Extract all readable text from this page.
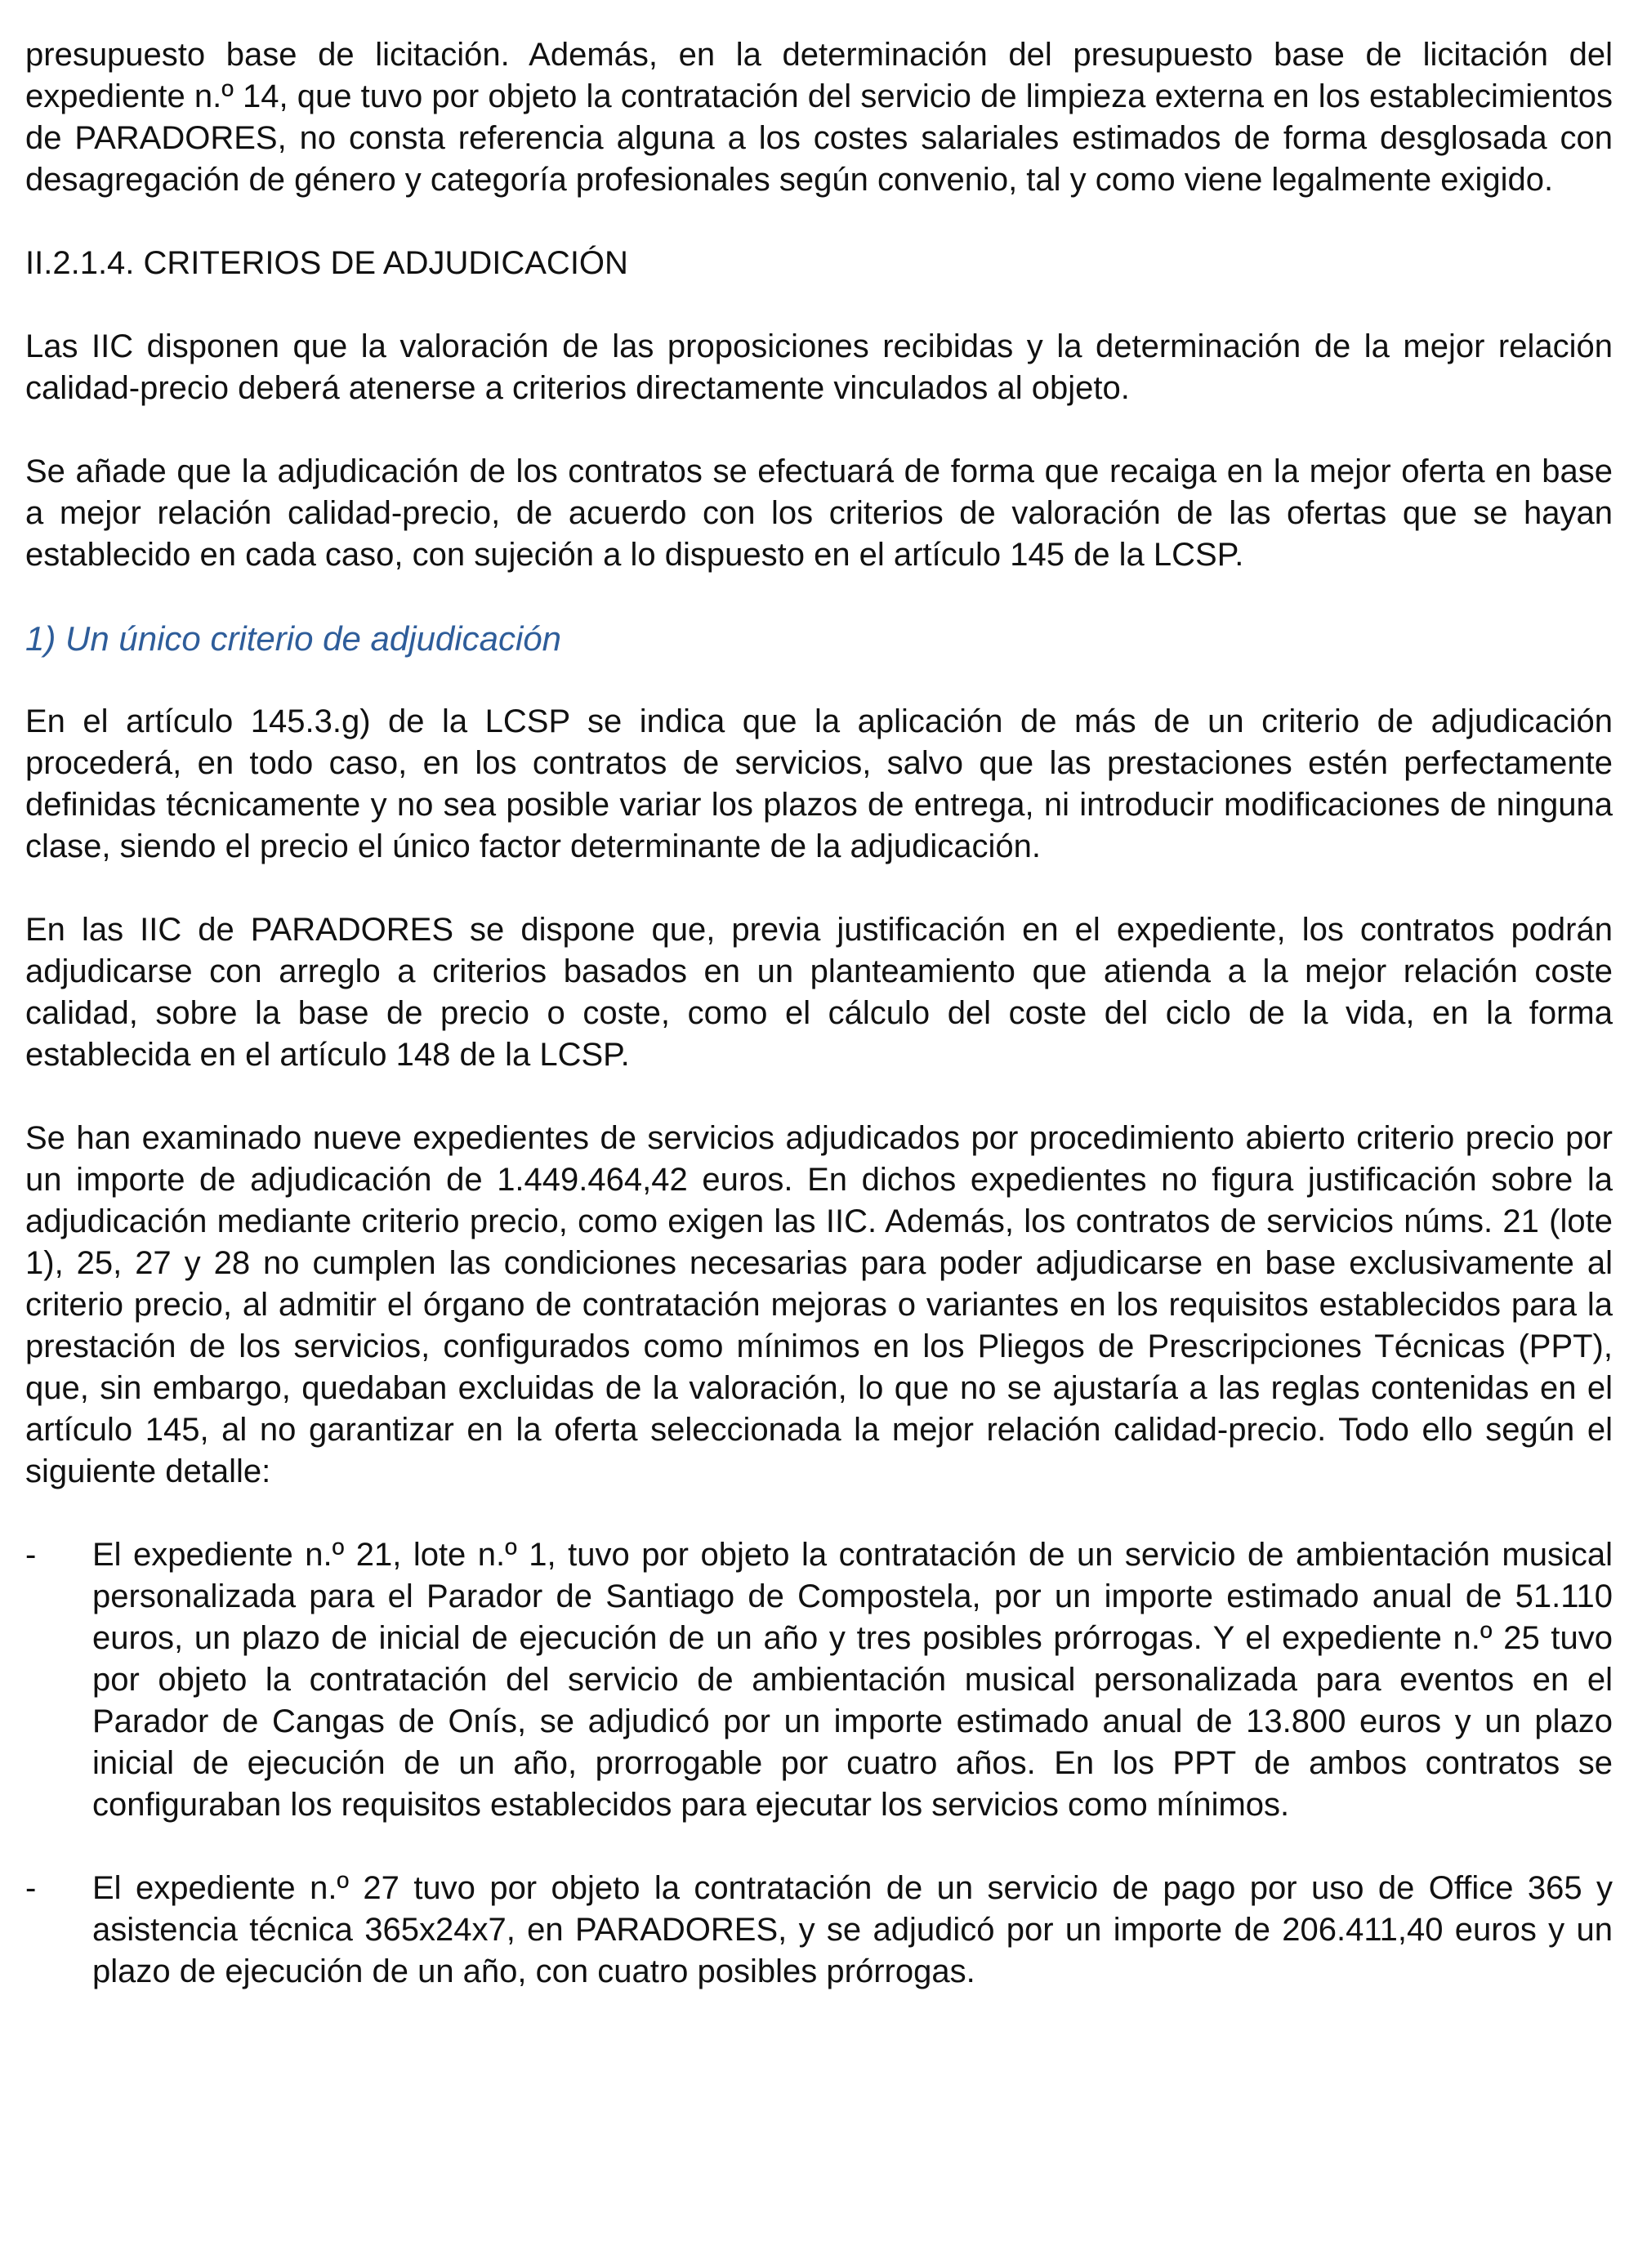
presupuesto base de licitación. Además, en la determinación del presupuesto base de licitación del expediente n.º 14, que tuvo por objeto la contratación del servicio de limpieza externa en los establecimientos de PARADORES, no consta referencia alguna a los costes salariales estimados de forma desglosada con desagregación de género y categoría profesionales según convenio, tal y como viene legalmente exigido.

II.2.1.4. CRITERIOS DE ADJUDICACIÓN

Las IIC disponen que la valoración de las proposiciones recibidas y la determinación de la mejor relación calidad-precio deberá atenerse a criterios directamente vinculados al objeto.

Se añade que la adjudicación de los contratos se efectuará de forma que recaiga en la mejor oferta en base a mejor relación calidad-precio, de acuerdo con los criterios de valoración de las ofertas que se hayan establecido en cada caso, con sujeción a lo dispuesto en el artículo 145 de la LCSP.

1) Un único criterio de adjudicación

En el artículo 145.3.g) de la LCSP se indica que la aplicación de más de un criterio de adjudicación procederá, en todo caso, en los contratos de servicios, salvo que las prestaciones estén perfectamente definidas técnicamente y no sea posible variar los plazos de entrega, ni introducir modificaciones de ninguna clase, siendo el precio el único factor determinante de la adjudicación.

En las IIC de PARADORES se dispone que, previa justificación en el expediente, los contratos podrán adjudicarse con arreglo a criterios basados en un planteamiento que atienda a la mejor relación coste calidad, sobre la base de precio o coste, como el cálculo del coste del ciclo de la vida, en la forma establecida en el artículo 148 de la LCSP.

Se han examinado nueve expedientes de servicios adjudicados por procedimiento abierto criterio precio por un importe de adjudicación de 1.449.464,42 euros. En dichos expedientes no figura justificación sobre la adjudicación mediante criterio precio, como exigen las IIC. Además, los contratos de servicios núms. 21 (lote 1), 25, 27 y 28 no cumplen las condiciones necesarias para poder adjudicarse en base exclusivamente al criterio precio, al admitir el órgano de contratación mejoras o variantes en los requisitos establecidos para la prestación de los servicios, configurados como mínimos en los Pliegos de Prescripciones Técnicas (PPT), que, sin embargo, quedaban excluidas de la valoración, lo que no se ajustaría a las reglas contenidas en el artículo 145, al no garantizar en la oferta seleccionada la mejor relación calidad-precio. Todo ello según el siguiente detalle:

-	El expediente n.º 21, lote n.º 1, tuvo por objeto la contratación de un servicio de ambientación musical personalizada para el Parador de Santiago de Compostela, por un importe estimado anual de 51.110 euros, un plazo de inicial de ejecución de un año y tres posibles prórrogas. Y el expediente n.º 25 tuvo por objeto la contratación del servicio de ambientación musical personalizada para eventos en el Parador de Cangas de Onís, se adjudicó por un importe estimado anual de 13.800 euros y un plazo inicial de ejecución de un año, prorrogable por cuatro años. En los PPT de ambos contratos se configuraban los requisitos establecidos para ejecutar los servicios como mínimos.
-	El expediente n.º 27 tuvo por objeto la contratación de un servicio de pago por uso de Office 365 y asistencia técnica 365x24x7, en PARADORES, y se adjudicó por un importe de 206.411,40 euros y un plazo de ejecución de un año, con cuatro posibles prórrogas.
